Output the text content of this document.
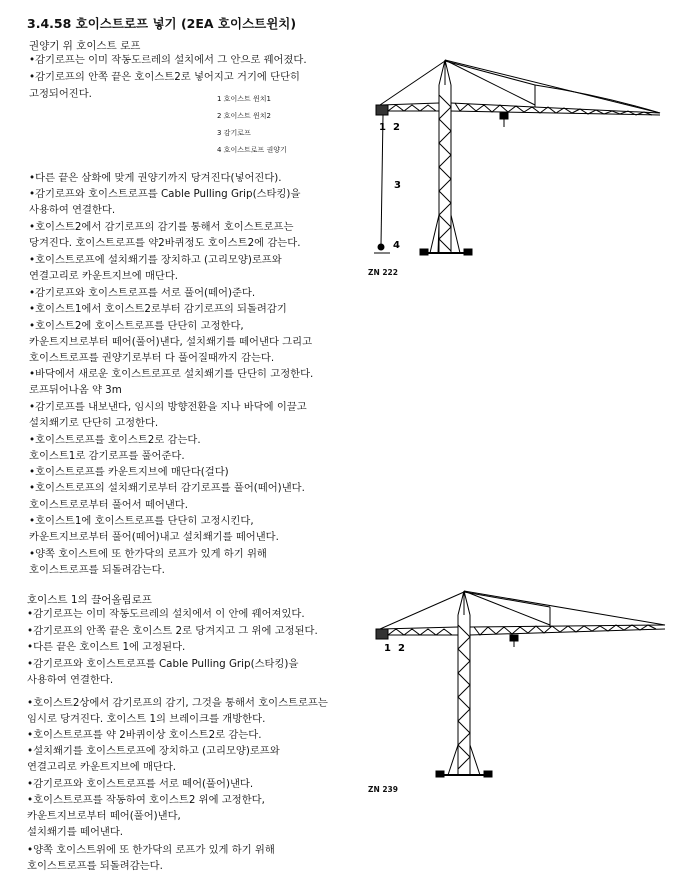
3.4.58 호이스트로프 넣기 (2EA 호이스트윈치)
권양기 위 호이스트 로프
•감기로프는 이미 작동도르레의 설치에서 그 안으로 꿰어졌다.
•감기로프의 안쪽 끝은 호이스트2로 넣어지고 거기에 단단히
고정되어진다.
•다른 끝은 삼화에 맞게 권양기까지 당겨진다(넣어진다).
•감기로프와 호이스트로프를 Cable Pulling Grip(스타킹)을
사용하여 연결한다.
•호이스트2에서 감기로프의 감기를 통해서 호이스트로프는
당겨진다. 호이스트로프를 약2바퀴정도 호이스트2에 감는다.
•호이스트로프에 설치쐐기를 장치하고 (고리모양)로프와
연결고리로 카운트지브에 매단다.
•감기로프와 호이스트로프를 서로 풀어(떼어)준다.
•호이스트1에서 호이스트2로부터 감기로프의 되돌려감기
•호이스트2에 호이스트로프를 단단히 고정한다,
카운트지브로부터 떼어(풀어)낸다, 설치쐐기를 떼어낸다 그리고
호이스트로프를 권양기로부터 다 풀어질때까지 감는다.
•바닥에서 새로운 호이스트로프로 설치쐐기를 단단히 고정한다.
로프뒤어나옴 약 3m
•감기로프를 내보낸다, 임시의 방향전환을 지나 바닥에 이끌고
설치쐐기로 단단히 고정한다.
•호이스트로프를 호이스트2로 감는다.
호이스트1로 감기로프를 풀어준다.
•호이스트로프를 카운트지브에 매단다(걸다)
•호이스트로프의 설치쐐기로부터 감기로프를 풀어(떼어)낸다.
호이스트로로부터 풀어서 떼어낸다.
•호이스트1에 호이스트로프를 단단히 고정시킨다,
카운트지브로부터 풀어(떼어)내고 설치쐐기를 떼어낸다.
•양쪽 호이스트에 또 한가닥의 로프가 있게 하기 위해
호이스트로프를 되돌려감는다.
1 호이스트 윈치1
2 호이스트 윈치2
3 감기로프
4 호이스트로프 권양기
1 2
3
4
ZN 222
호이스트 1의 끌어올림로프
•감기로프는 이미 작동도르레의 설치에서 이 안에 꿰어져있다.
•감기로프의 안쪽 끝은 호이스트 2로 당겨지고 그 위에 고정된다.
•다른 끝은 호이스트 1에 고정된다.
•감기로프와 호이스트로프를 Cable Pulling Grip(스타킹)을
사용하여 연결한다.
•호이스트2상에서 감기로프의 감기, 그것을 통해서 호이스트로프는
임시로 당겨진다. 호이스트 1의 브레이크를 개방한다.
•호이스트로프를 약 2바퀴이상 호이스트2로 감는다.
•설치쐐기를 호이스트로프에 장치하고 (고리모양)로프와
연결고리로 카운트지브에 매단다.
•감기로프와 호이스트로프를 서로 떼어(풀어)낸다.
•호이스트로프를 작동하여 호이스트2 위에 고정한다,
카운트지브로부터 떼어(풀어)낸다,
설치쐐기를 떼어낸다.
•양쪽 호이스트위에 또 한가닥의 로프가 있게 하기 위해
호이스트로프를 되돌려감는다.
1 2
ZN 239
